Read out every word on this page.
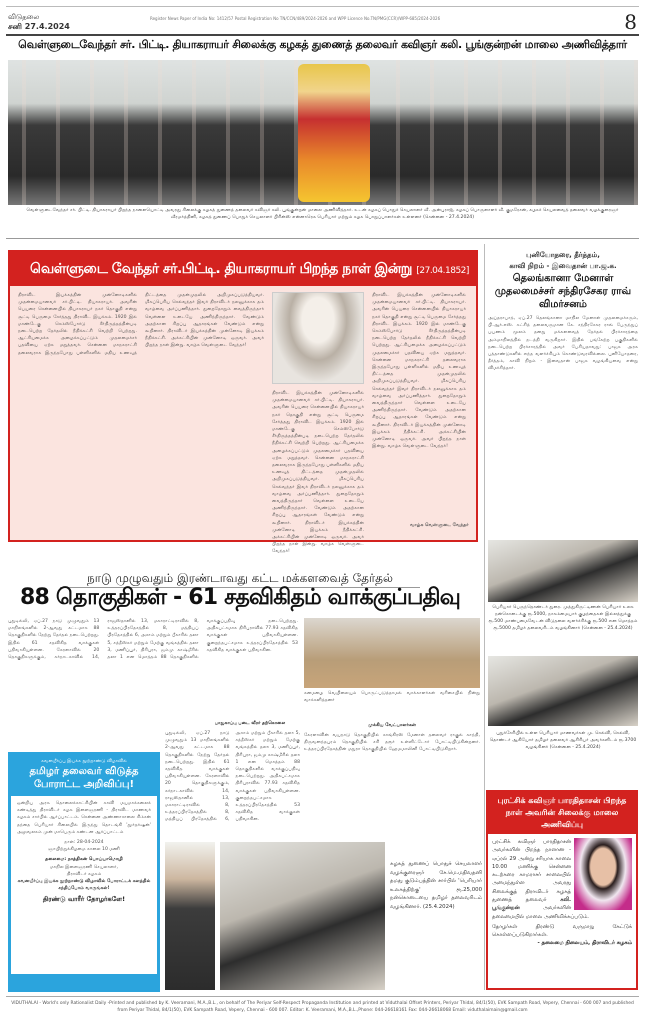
விடுதலை
சனி 27.4.2024
Register News Paper of India No: 1412/57 Postal Registration No TN/CCN/489/2024-2026 and WPP Licence No.TN/PMG(CCR)/WPP-685/2024-2026	8
வெள்ளுடைவேந்தர் சர். பிட்டி. தியாகராயர் சிலைக்கு கழகத் துணைத் தலைவர் கவிஞர் கலி. பூங்குன்றன் மாலை அணிவித்தார்
வெள்ளுடைவேந்தர் சர். பிட்டி. தியாகராயர் பிறந்த நாளையொட்டி அவரது சிலைக்கு கழகத் துணைத் தலைவர் கவிஞர் கலி. பூங்குன்றன் மாலை அணிவித்தார். உடன் கழகப் பொதுச் செயலாளர் வீ. அன்புராஜ், கழகப் பொருளாளர் வீ. குமரேசன், கழகச் செயலவைத் தலைவர் வழக்குரைஞர் வீரமர்த்தினி, கழகத் துணைப் பொதுச் செயலாளர் பிரின்ஸ் என்னாரெசு பெரியார் மற்றும் கழக பொறுப்பாளர்கள் உள்ளனர் (சென்னை - 27.4.2024)
வெள்ளுடை வேந்தர் சர்.பிட்டி. தியாகராயர் பிறந்த நாள் இன்று [27.04.1852]
திராவிட இயக்கத்தின் முன்னோடிகளில் முதன்மையானவர் சர்.பிட்டி. தியாகராயர். அவரின் பெயரை சென்னையில் தியாகராயர் நகர் தொகுதி என்று சூட்டி பெருமை சேர்த்தது திராவிட இயக்கம். 1920 இல் மாண்டேகு செம்ஸ்போர்டு சீர்திருத்தத்தின்படி நடைபெற்ற தேர்தலில் நீதிக்கட்சி வெற்றி பெற்றது. ஆட்சியமைக்க அழைக்கப்பட்டும் முதலமைச்சர் பதவியை ஏற்க மறுத்தவர். சென்னை மாநகராட்சி தலைவராக இருந்தபோது பள்ளிகளில் மதிய உணவுத் திட்டத்தை முதன்முதலில் அறிமுகப்படுத்தியவர். மிகப்பெரிய செல்வந்தர் இவர் திராவிடர் நலனுக்காக தம் வாழ்வை அர்ப்பணித்தார். துறைதோறும் வைத்திருந்தார் வெள்ளை உடையே அணிந்திருந்தார். வேண்டும் அதற்கான சிறப்பு ஆதாரங்கள் வேண்டும் என்று கூறினார். திராவிடர் இயக்கத்தின் முன்னோடி இயக்கம் நீதிக்கட்சி. அக்கட்சியின் முன்னோடி ஒருவர். அவர் பிறந்த நாள் இன்று. வாழ்க வெள்ளுடை வேந்தர்!
திராவிட இயக்கத்தின் முன்னோடிகளில் முதன்மையானவர் சர்.பிட்டி. தியாகராயர். அவரின் பெயரை சென்னையில் தியாகராயர் நகர் தொகுதி என்று சூட்டி பெருமை சேர்த்தது திராவிட இயக்கம். 1920 இல் மாண்டேகு செம்ஸ்போர்டு சீர்திருத்தத்தின்படி நடைபெற்ற தேர்தலில் நீதிக்கட்சி வெற்றி பெற்றது. ஆட்சியமைக்க அழைக்கப்பட்டும் முதலமைச்சர் பதவியை ஏற்க மறுத்தவர். சென்னை மாநகராட்சி தலைவராக இருந்தபோது பள்ளிகளில் மதிய உணவுத் திட்டத்தை முதன்முதலில் அறிமுகப்படுத்தியவர். மிகப்பெரிய செல்வந்தர் இவர் திராவிடர் நலனுக்காக தம் வாழ்வை அர்ப்பணித்தார். துறைதோறும் வைத்திருந்தார் வெள்ளை உடையே அணிந்திருந்தார். வேண்டும் அதற்கான சிறப்பு ஆதாரங்கள் வேண்டும் என்று கூறினார். திராவிடர் இயக்கத்தின் முன்னோடி இயக்கம் நீதிக்கட்சி. அக்கட்சியின் முன்னோடி ஒருவர். அவர் பிறந்த நாள் இன்று. வாழ்க வெள்ளுடை வேந்தர்!
திராவிட இயக்கத்தின் முன்னோடிகளில் முதன்மையானவர் சர்.பிட்டி. தியாகராயர். அவரின் பெயரை சென்னையில் தியாகராயர் நகர் தொகுதி என்று சூட்டி பெருமை சேர்த்தது திராவிட இயக்கம். 1920 இல் மாண்டேகு செம்ஸ்போர்டு சீர்திருத்தத்தின்படி நடைபெற்ற தேர்தலில் நீதிக்கட்சி வெற்றி பெற்றது. ஆட்சியமைக்க அழைக்கப்பட்டும் முதலமைச்சர் பதவியை ஏற்க மறுத்தவர். சென்னை மாநகராட்சி தலைவராக இருந்தபோது பள்ளிகளில் மதிய உணவுத் திட்டத்தை முதன்முதலில் அறிமுகப்படுத்தியவர். மிகப்பெரிய செல்வந்தர் இவர் திராவிடர் நலனுக்காக தம் வாழ்வை அர்ப்பணித்தார். துறைதோறும் வைத்திருந்தார் வெள்ளை உடையே அணிந்திருந்தார். வேண்டும் அதற்கான சிறப்பு ஆதாரங்கள் வேண்டும் என்று கூறினார். திராவிடர் இயக்கத்தின் முன்னோடி இயக்கம் நீதிக்கட்சி. அக்கட்சியின் முன்னோடி ஒருவர். அவர் பிறந்த நாள் இன்று. வாழ்க வெள்ளுடை வேந்தர்!
வாழ்க வெள்ளுடை வேந்தர்
புனியோதரை, தீர்த்தம்,
காவி நிறம் - இவைதான் பா.ஜ.க.
தெலங்கானா மேனாள் முதலமைச்சர் சந்திரசேகர ராவ் விமர்சனம்
அய்தராபாத், ஏப்.27 தெலங்கானா மாநில மேனாள் முதலமைச்சரும், பி.ஆர்.எஸ். கட்சித் தலைவருமான கே. சந்திரசேகர ராவ் பேருந்துப் பயணம் மூலம் தனது மக்களவைத் தேர்தல் பிரச்சாரத்தை அம்மாநிலத்தில் நடத்தி வருகிறார். இதில் பங்கேற்ற பகுதிகளில் நடைபெற்ற பிரச்சாரத்தில் அவர் பேசியதாவது: பாஜக அரசு பத்தாண்டுகளில் எந்த வளர்ச்சியும் கொண்டுவரவில்லை. புனியோதரை, தீர்த்தம், காவி நிறம் - இவைதான் பாஜக வழங்கியவை என்று விமர்சித்தார்.
பெரியார் பெருந்தொண்டர் துரை. முத்துகிருட்டிணன் பெரியார் உலக நன்கொடைக்கு ரூ.5000, நாகம்மையார் குழந்தைகள் இல்லத்துக்கு ரூ.500 மாண்பமைவேடன் விடுதலை வளர்ச்சிக்கு ரூ.500 என மொத்தம் ரூ.5000 தமிழர் தலைவரிடம் வழங்கினார் (சென்னை - 25.4.2024)
புதுச்சேரியில் உள்ள பெரியார் மாணவர்கள் மு. செல்வி, செல்வி, தொண்டர் ஆகியோர் தமிழர் தலைவர் ஆசிரியர் அவர்களிடம் ரூ.3700 வழங்கினர் (சென்னை - 25.4.2024)
நாடு முழுவதும் இரண்டாவது கட்ட மக்களவைத் தேர்தல்
88 தொகுதிகள் - 61 சதவிகிதம் வாக்குப்பதிவு
புதுடில்லி, ஏப்.27 நாடு முழுவதும் 13 மாநிலங்களில் 2-ஆவது கட்டமாக 88 தொகுதிகளில் நேற்று தேர்தல் நடைபெற்றது. இதில் 61 சதவிகித வாக்குகள் பதிவாகியுள்ளன. கேரளாவில் 20 தொகுதிகளுக்கும், கர்நாடகாவில் 14, ராஜஸ்தானில் 13, மகாராட்டிராவில் 8, உத்தரப்பிரதேசத்தில் 8, மத்தியப் பிரதேசத்தில் 6, அசாம் மற்றும் பீகாரில் தலா 5, சத்தீஸ்கர் மற்றும் மேற்கு வங்கத்தில் தலா 3, மணிப்பூர், திரிபுரா, ஜம்மு காஷ்மீரில் தலா 1 என மொத்தம் 88 தொகுதிகளில் வாக்குப்பதிவு நடைபெற்றது. அதிகபட்சமாக திரிபுராவில் 77.93 சதவிகித வாக்குகள் பதிவாகியுள்ளன. குறைந்தபட்சமாக உத்தரப்பிரதேசத்தில் 53 சதவிகித வாக்குகள் பதிவாகின.
கனமழை வெயிலையும் பொருட்படுத்தாமல் வாக்காளர்கள் வரிசையில் நின்று வாக்களித்தனர்
பாதுகாப்பு படை வீரர் தற்கொலை	முக்கிய வேட்பாளர்கள்
புதுடில்லி, ஏப்.27 நாடு முழுவதும் 13 மாநிலங்களில் 2-ஆவது கட்டமாக 88 தொகுதிகளில் நேற்று தேர்தல் நடைபெற்றது. இதில் 61 சதவிகித வாக்குகள் பதிவாகியுள்ளன. கேரளாவில் 20 தொகுதிகளுக்கும், கர்நாடகாவில் 14, ராஜஸ்தானில் 13, மகாராட்டிராவில் 8, உத்தரப்பிரதேசத்தில் 8, மத்தியப் பிரதேசத்தில் 6, அசாம் மற்றும் பீகாரில் தலா 5, சத்தீஸ்கர் மற்றும் மேற்கு வங்கத்தில் தலா 3, மணிப்பூர், திரிபுரா, ஜம்மு காஷ்மீரில் தலா 1 என மொத்தம் 88 தொகுதிகளில் வாக்குப்பதிவு நடைபெற்றது. அதிகபட்சமாக திரிபுராவில் 77.93 சதவிகித வாக்குகள் பதிவாகியுள்ளன. குறைந்தபட்சமாக உத்தரப்பிரதேசத்தில் 53 சதவிகித வாக்குகள் பதிவாகின.
கேரளாவின் வயநாடு தொகுதியில் காங்கிரஸ் மேனாள் தலைவர் ராகுல் காந்தி, திருவனந்தபுரம் தொகுதியில் சசி தரூர் உள்ளிட்டோர் போட்டியிடுகின்றனர். உத்தரப்பிரதேசத்தின் மதுரா தொகுதியில் ஹேமமாலினி போட்டியிடுகிறார்.
கவனயீர்ப்பு இயக்க நூற்றாண்டு விழாவில்
தமிழர் தலைவர் விடுத்த போராட்ட அறிவிப்பு!
ஒன்றிய அரசு தொலைக்காட்சியின் காவி மயமாக்கலைக் கண்டித்து திராவிடர் கழக இளைஞரணி - திராவிட மாணவர் கழகம் சார்பில் ஆர்ப்பாட்டம். சென்னை அண்ணாசாலை சிம்சன் தந்தை பெரியார் சிலையில் இருந்து தொடங்கி 'தூர்தர்ஷன்' அலுவலகம் முன் மாபெரும் கண்டன ஆர்ப்பாட்டம்
நாள்: 28-04-2024
ஞாயிற்றுக்கிழமை காலை 10 மணி
தலைமை: நாத்திகன் பொய்யாமொழி
மாநில இளைஞரணி செயலாளர்,
திராவிடர் கழகம்
கவனயீர்ப்பு இயக்க நூற்றாண்டு விழாவில் போராட்டக் களத்தில் சந்திப்போம் வாருங்கள்!
திரண்டு வாரீர் தோழர்களே!
கழகத் துணைப் பொதுச் செயலாளர் வழக்குரைஞர் சே.மெ.மதிவதனி தமது குடும்பத்தின் சார்பில் 'பெரியார் உலகத்திற்கு' ரூ.25,000 நன்கொடையை தமிழர் தலைவரிடம் வழங்கினார். (25.4.2024)
புரட்சிக் கவிஞர் பாரதிதாசன் பிறந்த நாள் அவரின் சிலைக்கு மாலை அணிவிப்பு
புரட்சிக் கவிஞர் பாரதிதாசன் அவர்களின் பிறந்த நாளான - ஏப்ரல் 29 அன்று சரியாக காலை 10.00 மணிக்கு சென்னை கடற்கரை காமராசர் சாலையில் அமைந்துள்ள அவரது சிலைக்குத் திராவிடர் கழகத் துணைத் தலைவர்	கலி. பூங்குன்றன்	அவர்களின் தலைமையில் மாலை அணிவிக்கப்படும்.
தோழர்கள் திரண்டு வருமாறு கேட்டுக் கொள்ளப்படுகிறார்கள்.
- தலைமை நிலையம், திராவிடர் கழகம்
VIDUTHALAI - World's only Rationalist Daily -Printed and published by K. Veeramani, M.A.,B.L., on behalf of The Periyar Self-Respect Propaganda Institution and printed at Viduthalai Offset Printers, Periyar Thidal, 84/1(50), EVK Sampath Road, Vepery, Chennai - 600 007 and published from Periyar Thidal, 84/1(50), EVK Sampath Road, Vepery, Chennai - 600 007. Editor: K. Veeramani, M.A.,B.L.,Phone: 044-26618161 Fax: 044-26618068 Email: viduthalaimain@gmail.com
